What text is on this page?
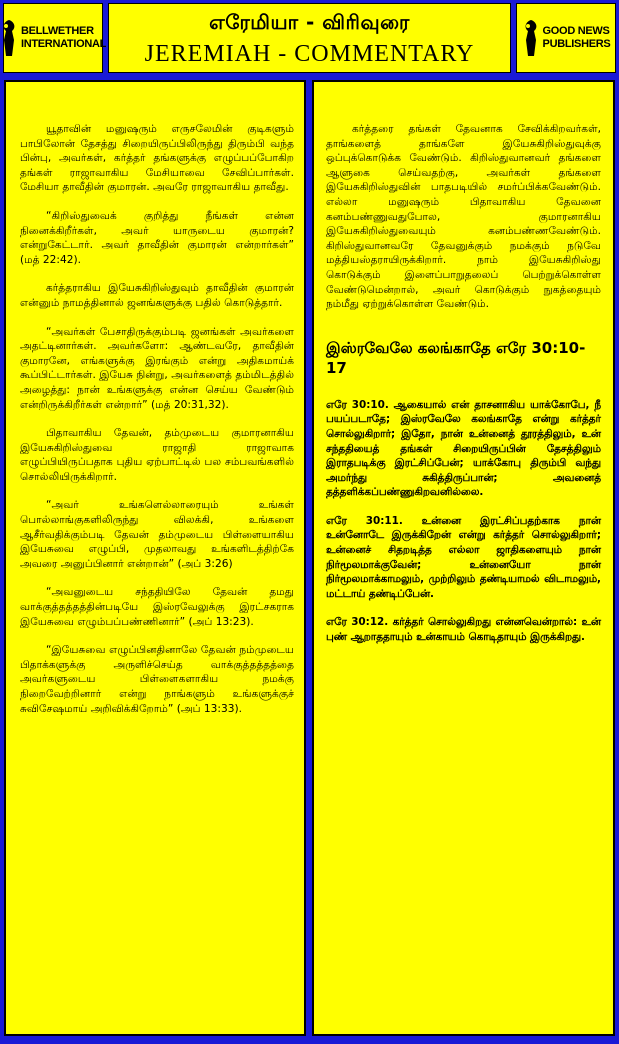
BELLWETHER
INTERNATIONAL
எரேமியா - விரிவுரை
JEREMIAH - COMMENTARY
GOOD NEWS
PUBLISHERS

யூதாவின் மனுஷரும் எருசலேமின் குடிகளும் பாபிலோன் தேசத்து சிறையிருப்பிலிருந்து திரும்பி வந்த பின்பு, அவர்கள், கர்த்தர் தங்களுக்கு எழுப்பப்போகிற தங்கள் ராஜாவாகிய மேசியாவை சேவிப்பார்கள். மேசியா தாவீதின் குமாரன். அவரே ராஜாவாகிய தாவீது.

“கிறிஸ்துவைக் குறித்து நீங்கள் என்ன நினைக்கிறீர்கள், அவர் யாருடைய குமாரன்? என்றுகேட்டார். அவர் தாவீதின் குமாரன் என்றார்கள்” (மத் 22:42).

கர்த்தராகிய இயேசுகிறிஸ்துவும் தாவீதின் குமாரன் என்னும் நாமத்தினால் ஜனங்களுக்கு பதில் கொடுத்தார்.

“அவர்கள் பேசாதிருக்கும்படி ஜனங்கள் அவர்களை அதட்டினார்கள். அவர்களோ: ஆண்டவரே, தாவீதின் குமாரனே, எங்களுக்கு இரங்கும் என்று அதிகமாய்க் கூப்பிட்டார்கள். இயேசு நின்று, அவர்களைத் தம்மிடத்தில் அழைத்து: நான் உங்களுக்கு என்ன செய்ய வேண்டும் என்றிருக்கிறீர்கள் என்றார்” (மத் 20:31,32).

பிதாவாகிய தேவன், தம்முடைய குமாரனாகிய இயேசுகிறிஸ்துவை ராஜாதி ராஜாவாக எழுப்பியிருப்பதாக புதிய ஏற்பாட்டில் பல சம்பவங்களில் சொல்லியிருக்கிறார்.

“அவர் உங்களெல்லாரையும் உங்கள் பொல்லாங்குகளிலிருந்து விலக்கி, உங்களை ஆசீர்வதிக்கும்படி தேவன் தம்முடைய பிள்ளையாகிய இயேசுவை எழுப்பி, முதலாவது உங்களிடத்திற்கே அவரை அனுப்பினார் என்றான்” (அப் 3:26)

“அவனுடைய சந்ததியிலே தேவன் தமது வாக்குத்தத்தத்தின்படியே இஸ்ரவேலுக்கு இரட்சகராக இயேசுவை எழும்பப்பண்ணினார்” (அப் 13:23).

“இயேசுவை எழுப்பினதினாலே தேவன் நம்முடைய பிதாக்களுக்கு அருளிச்செய்த வாக்குத்தத்தத்தை அவர்களுடைய பிள்ளைகளாகிய நமக்கு நிறைவேற்றினார் என்று நாங்களும் உங்களுக்குச் சுவிசேஷமாய் அறிவிக்கிறோம்” (அப் 13:33).

கர்த்தரை தங்கள் தேவனாக சேவிக்கிறவர்கள், தாங்களைத் தாங்களே இயேசுகிறிஸ்துவுக்கு ஒப்புக்கொடுக்க வேண்டும். கிறிஸ்துவானவர் தங்களை ஆளுகை செய்வதற்கு, அவர்கள் தங்களை இயேசுகிறிஸ்துவின் பாதபடியில் சமர்ப்பிக்கவேண்டும். எல்லா மனுஷரும் பிதாவாகிய தேவனை கனம்பண்ணுவதுபோல, குமாரனாகிய இயேசுகிறிஸ்துவையும் கனம்பண்ணவேண்டும். கிறிஸ்துவானவரே தேவனுக்கும் நமக்கும் நடுவே மத்தியஸ்தராயிருக்கிறார். நாம் இயேசுகிறிஸ்து கொடுக்கும் இளைப்பாறுதலைப் பெற்றுக்கொள்ள வேண்டுமென்றால், அவர் கொடுக்கும் நுகத்தையும் நம்மீது ஏற்றுக்கொள்ள வேண்டும்.

இஸ்ரவேலே கலங்காதே எரே 30:10-17

எரே 30:10. ஆகையால் என் தாசனாகிய யாக்கோபே, நீ பயப்படாதே; இஸ்ரவேலே கலங்காதே என்று கர்த்தர் சொல்லுகிறார்; இதோ, நான் உன்னைத் தூரத்திலும், உன் சந்ததியைத் தங்கள் சிறையிருப்பின் தேசத்திலும் இராதபடிக்கு இரட்சிப்பேன்; யாக்கோபு திரும்பி வந்து அமர்ந்து சுகித்திருப்பான்; அவனைத் தத்தளிக்கப்பண்ணுகிறவனில்லை.

எரே 30:11. உன்னை இரட்சிப்பதற்காக நான் உன்னோடே இருக்கிறேன் என்று கர்த்தர் சொல்லுகிறார்; உன்னைச் சிதறடித்த எல்லா ஜாதிகளையும் நான் நிர்மூலமாக்குவேன்; உன்னையோ நான் நிர்மூலமாக்காமலும், முற்றிலும் தண்டியாமல் விடாமலும், மட்டாய் தண்டிப்பேன்.

எரே 30:12. கர்த்தர் சொல்லுகிறது என்னவென்றால்: உன் புண் ஆறாததாயும் உன்காயம் கொடிதாயும் இருக்கிறது.
